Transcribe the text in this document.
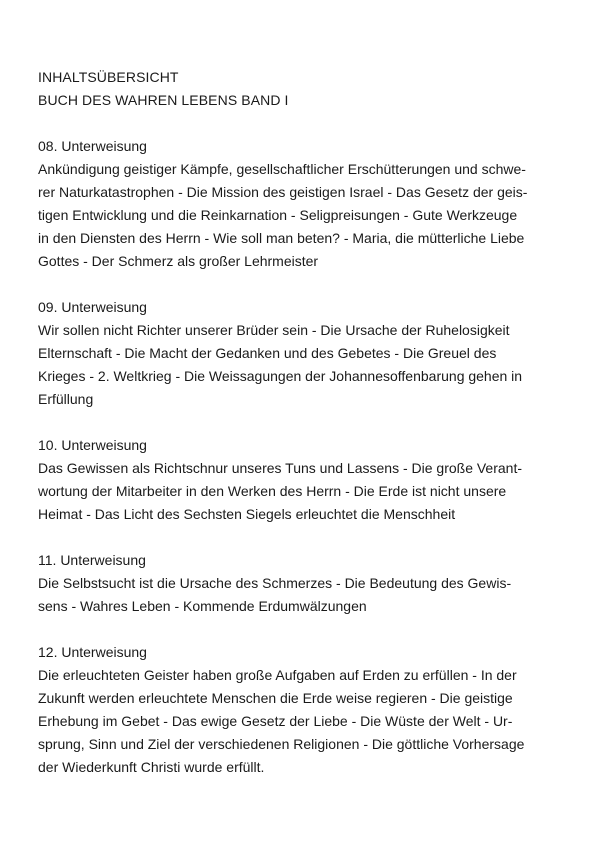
INHALTSÜBERSICHT
BUCH DES WAHREN LEBENS BAND I
08. Unterweisung
Ankündigung geistiger Kämpfe, gesellschaftlicher Erschütterungen und schwe-
rer Naturkatastrophen - Die Mission des geistigen Israel - Das Gesetz der geis-
tigen Entwicklung und die Reinkarnation - Seligpreisungen - Gute Werkzeuge
in den Diensten des Herrn - Wie soll man beten? - Maria, die mütterliche Liebe
Gottes - Der Schmerz als großer Lehrmeister
09. Unterweisung
Wir sollen nicht Richter unserer Brüder sein - Die Ursache der Ruhelosigkeit
Elternschaft - Die Macht der Gedanken und des Gebetes - Die Greuel des
Krieges - 2. Weltkrieg - Die Weissagungen der Johannesoffenbarung gehen in
Erfüllung
10. Unterweisung
Das Gewissen als Richtschnur unseres Tuns und Lassens - Die große Verant-
wortung der Mitarbeiter in den Werken des Herrn - Die Erde ist nicht unsere
Heimat - Das Licht des Sechsten Siegels erleuchtet die Menschheit
11. Unterweisung
Die Selbstsucht ist die Ursache des Schmerzes - Die Bedeutung des Gewis-
sens - Wahres Leben - Kommende Erdumwälzungen
12. Unterweisung
Die erleuchteten Geister haben große Aufgaben auf Erden zu erfüllen - In der
Zukunft werden erleuchtete Menschen die Erde weise regieren - Die geistige
Erhebung im Gebet - Das ewige Gesetz der Liebe - Die Wüste der Welt - Ur-
sprung, Sinn und Ziel der verschiedenen Religionen - Die göttliche Vorhersage
der Wiederkunft Christi wurde erfüllt.
